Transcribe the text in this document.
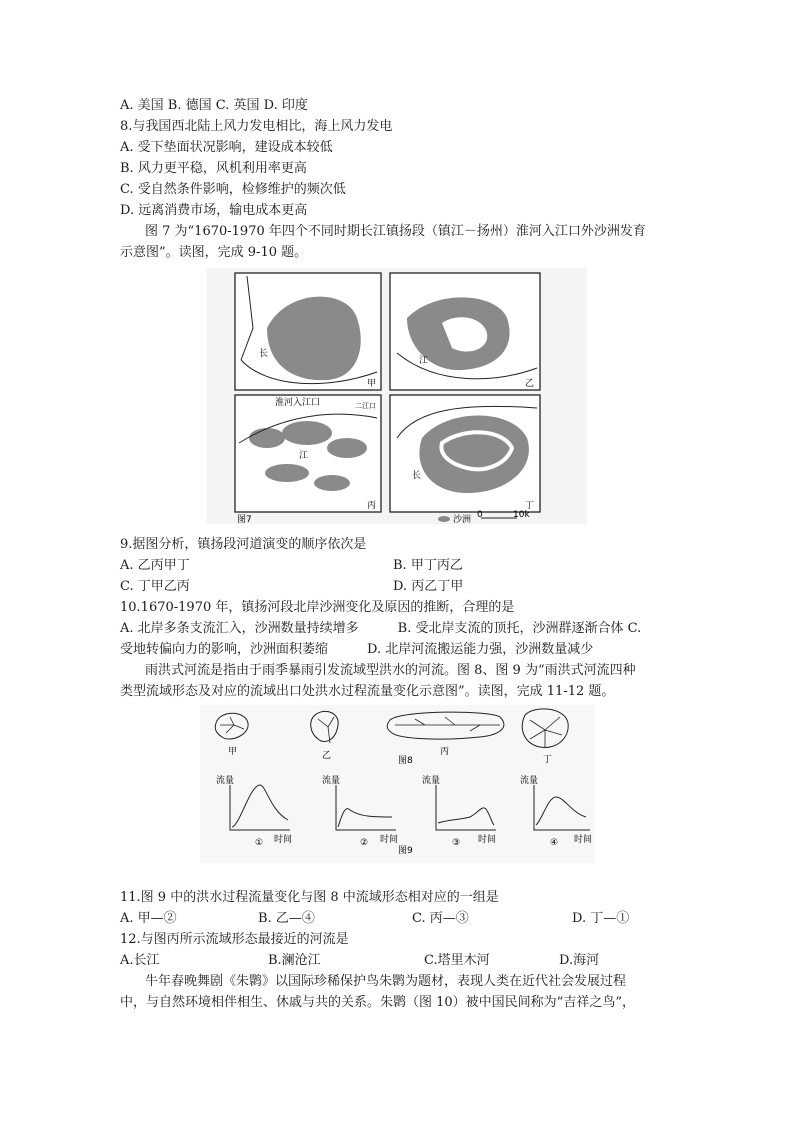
A. 美国 B. 德国 C. 英国 D. 印度
8.与我国西北陆上风力发电相比，海上风力发电
A. 受下垫面状况影响，建设成本较低
B. 风力更平稳，风机利用率更高
C. 受自然条件影响，检修维护的频次低
D. 远离消费市场，输电成本更高
图 7 为“1670-1970 年四个不同时期长江镇扬段（镇江－扬州）淮河入江口外沙洲发育
示意图”。读图，完成 9-10 题。
长
甲
江
乙
淮河入江口	二江口
江
丙
长
丁
图7	沙洲 0	10k
9.据图分析，镇扬段河道演变的顺序依次是
A. 乙丙甲丁	B. 甲丁丙乙
C. 丁甲乙丙	D. 丙乙丁甲
10.1670-1970 年，镇扬河段北岸沙洲变化及原因的推断，合理的是
A. 北岸多条支流汇入，沙洲数量持续增多　　　B. 受北岸支流的顶托，沙洲群逐渐合体 C.
受地转偏向力的影响，沙洲面积萎缩　　　D. 北岸河流搬运能力强，沙洲数量减少
雨洪式河流是指由于雨季暴雨引发流域型洪水的河流。图 8、图 9 为“雨洪式河流四种
类型流域形态及对应的流域出口处洪水过程流量变化示意图”。读图，完成 11-12 题。
甲	乙	丙
丁
图8
流量
时间
①
流量
时间
②
流量
时间
③
流量
时间
④
图9
11.图 9 中的洪水过程流量变化与图 8 中流域形态相对应的一组是
A. 甲—②	B. 乙—④	C. 丙—③	D. 丁—①
12.与图丙所示流域形态最接近的河流是
A.长江	B.澜沧江	C.塔里木河	D.海河
牛年春晚舞剧《朱鹮》以国际珍稀保护鸟朱鹮为题材，表现人类在近代社会发展过程
中，与自然环境相伴相生、休戚与共的关系。朱鹮（图 10）被中国民间称为“吉祥之鸟”，
